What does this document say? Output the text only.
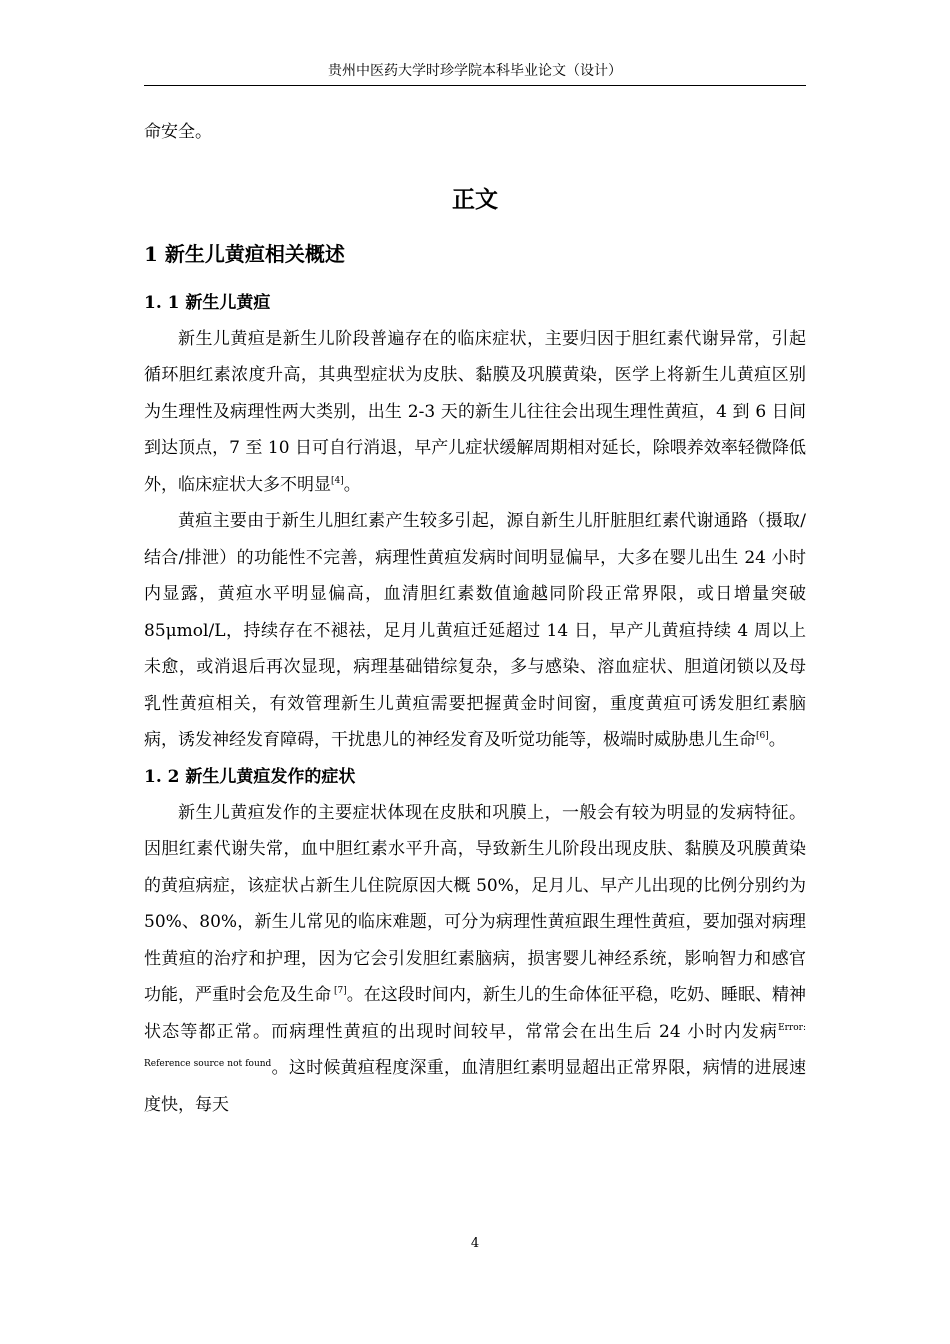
贵州中医药大学时珍学院本科毕业论文（设计）

命安全。

正文
1 新生儿黄疸相关概述
1. 1 新生儿黄疸

新生儿黄疸是新生儿阶段普遍存在的临床症状，主要归因于胆红素代谢异常，引起循环胆红素浓度升高，其典型症状为皮肤、黏膜及巩膜黄染，医学上将新生儿黄疸区别为生理性及病理性两大类别，出生 2-3 天的新生儿往往会出现生理性黄疸，4 到 6 日间到达顶点，7 至 10 日可自行消退，早产儿症状缓解周期相对延长，除喂养效率轻微降低外，临床症状大多不明显[4]。

黄疸主要由于新生儿胆红素产生较多引起，源自新生儿肝脏胆红素代谢通路（摄取/结合/排泄）的功能性不完善，病理性黄疸发病时间明显偏早，大多在婴儿出生 24 小时内显露，黄疸水平明显偏高，血清胆红素数值逾越同阶段正常界限，或日增量突破 85μmol/L，持续存在不褪祛，足月儿黄疸迁延超过 14 日，早产儿黄疸持续 4 周以上未愈，或消退后再次显现，病理基础错综复杂，多与感染、溶血症状、胆道闭锁以及母乳性黄疸相关，有效管理新生儿黄疸需要把握黄金时间窗，重度黄疸可诱发胆红素脑病，诱发神经发育障碍，干扰患儿的神经发育及听觉功能等，极端时威胁患儿生命[6]。

1. 2 新生儿黄疸发作的症状

新生儿黄疸发作的主要症状体现在皮肤和巩膜上，一般会有较为明显的发病特征。因胆红素代谢失常，血中胆红素水平升高，导致新生儿阶段出现皮肤、黏膜及巩膜黄染的黄疸病症，该症状占新生儿住院原因大概 50%，足月儿、早产儿出现的比例分别约为 50%、80%，新生儿常见的临床难题，可分为病理性黄疸跟生理性黄疸，要加强对病理性黄疸的治疗和护理，因为它会引发胆红素脑病，损害婴儿神经系统，影响智力和感官功能，严重时会危及生命 [7]。在这段时间内，新生儿的生命体征平稳，吃奶、睡眠、精神状态等都正常。而病理性黄疸的出现时间较早，常常会在出生后 24 小时内发病$^{Error: Reference source not found}$。这时候黄疸程度深重，血清胆红素明显超出正常界限，病情的进展速度快，每天

4
